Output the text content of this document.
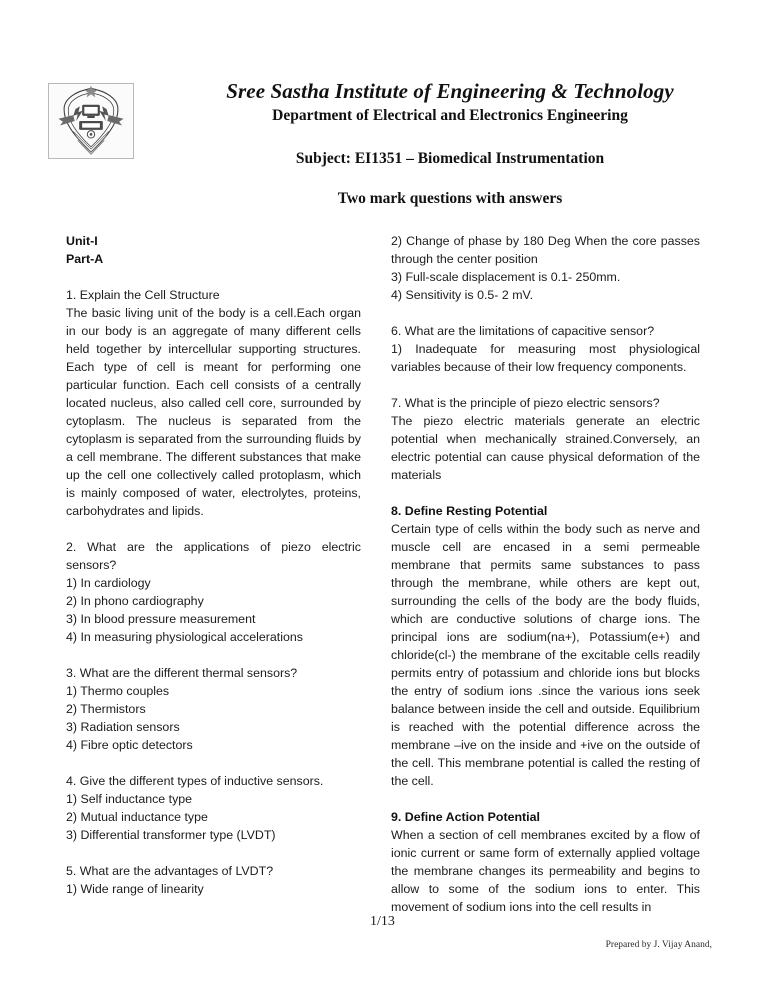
Sree Sastha Institute of Engineering & Technology
Department of Electrical and Electronics Engineering
Subject: EI1351 – Biomedical Instrumentation
Two mark questions with answers
Unit-I
Part-A
1. Explain the Cell Structure
The basic living unit of the body is a cell.Each organ in our body is an aggregate of many different cells held together by intercellular supporting structures. Each type of cell is meant for performing one particular function. Each cell consists of a centrally located nucleus, also called cell core, surrounded by cytoplasm. The nucleus is separated from the cytoplasm is separated from the surrounding fluids by a cell membrane. The different substances that make up the cell one collectively called protoplasm, which is mainly composed of water, electrolytes, proteins, carbohydrates and lipids.
2. What are the applications of piezo electric sensors?
1) In cardiology
2) In phono cardiography
3) In blood pressure measurement
4) In measuring physiological accelerations
3. What are the different thermal sensors?
1) Thermo couples
2) Thermistors
3) Radiation sensors
4) Fibre optic detectors
4. Give the different types of inductive sensors.
1) Self inductance type
2) Mutual inductance type
3) Differential transformer type (LVDT)
5. What are the advantages of LVDT?
1) Wide range of linearity
2) Change of phase by 180 Deg When the core passes through the center position
3) Full-scale displacement is 0.1- 250mm.
4) Sensitivity is 0.5- 2 mV.
6. What are the limitations of capacitive sensor?
1) Inadequate for measuring most physiological variables because of their low frequency components.
7. What is the principle of piezo electric sensors?
The piezo electric materials generate an electric potential when mechanically strained.Conversely, an electric potential can cause physical deformation of the materials
8. Define Resting Potential
Certain type of cells within the body such as nerve and muscle cell are encased in a semi permeable membrane that permits same substances to pass through the membrane, while others are kept out, surrounding the cells of the body are the body fluids, which are conductive solutions of charge ions. The principal ions are sodium(na+), Potassium(e+) and chloride(cl-) the membrane of the excitable cells readily permits entry of potassium and chloride ions but blocks the entry of sodium ions .since the various ions seek balance between inside the cell and outside. Equilibrium is reached with the potential difference across the membrane –ive on the inside and +ive on the outside of the cell. This membrane potential is called the resting of the cell.
9. Define Action Potential
When a section of cell membranes excited by a flow of ionic current or same form of externally applied voltage the membrane changes its permeability and begins to allow to some of the sodium ions to enter. This movement of sodium ions into the cell results in
1/13
Prepared by J. Vijay Anand,
